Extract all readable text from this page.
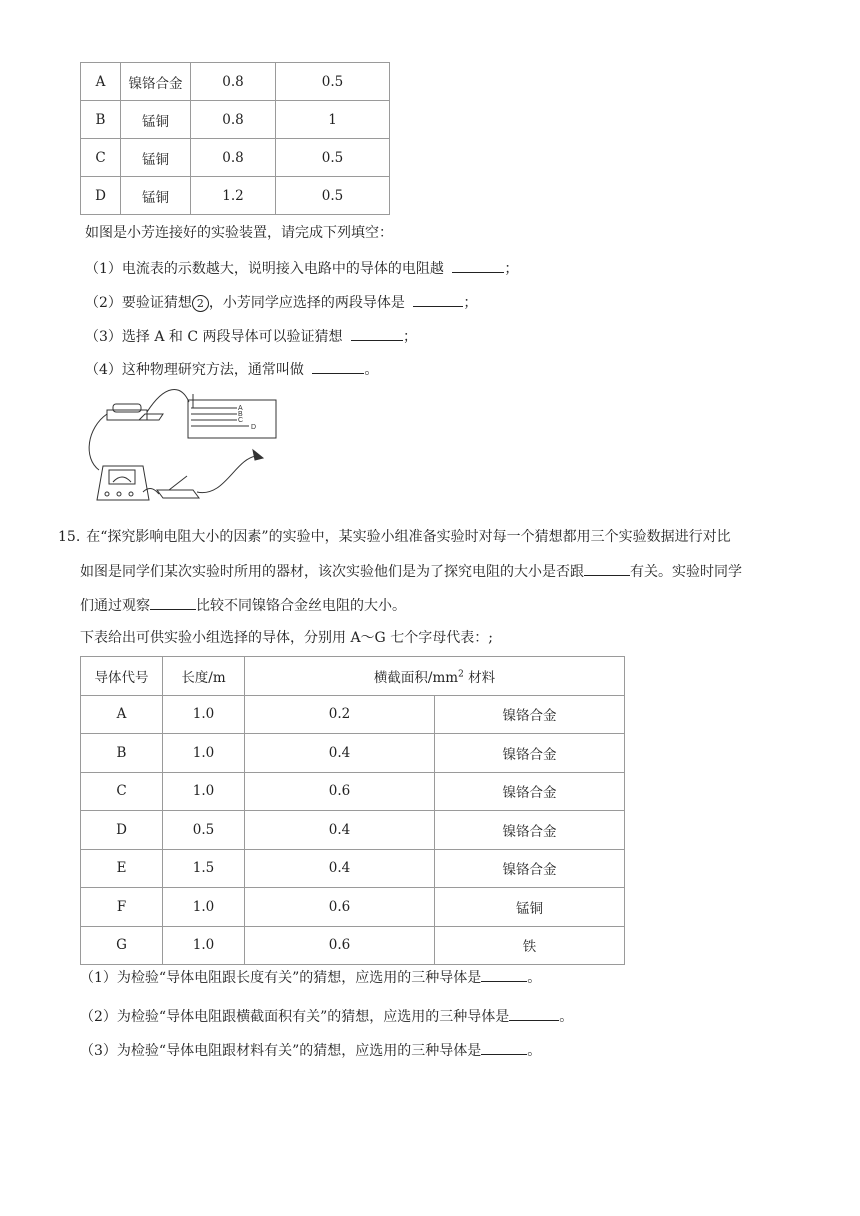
A	镍铬合金	0.8	0.5
B	锰铜	0.8	1
C	锰铜	0.8	0.5
D	锰铜	1.2	0.5
如图是小芳连接好的实验装置，请完成下列填空：
（1）电流表的示数越大，说明接入电路中的导体的电阻越	；
（2）要验证猜想 2 ，小芳同学应选择的两段导体是	；
（3）选择 A 和 C 两段导体可以验证猜想	；
（4）这种物理研究方法，通常叫做	。
A
B
C
D
15. 在“探究影响电阻大小的因素”的实验中，某实验小组准备实验时对每一个猜想都用三个实验数据进行对比
如图是同学们某次实验时所用的器材，该次实验他们是为了探究电阻的大小是否跟	有关。实验时同学
们通过观察	比较不同镍铬合金丝电阻的大小。
下表给出可供实验小组选择的导体，分别用 A～G 七个字母代表：;
导体代号	长度/m	横截面积$/mm^2$ 材料	
A	1.0	0.2	镍铬合金
B	1.0	0.4	镍铬合金
C	1.0	0.6	镍铬合金
D	0.5	0.4	镍铬合金
E	1.5	0.4	镍铬合金
F	1.0	0.6	锰铜
G	1.0	0.6	铁
（1）为检验“导体电阻跟长度有关”的猜想，应选用的三种导体是	。
（2）为检验“导体电阻跟横截面积有关”的猜想，应选用的三种导体是	。
（3）为检验“导体电阻跟材料有关”的猜想，应选用的三种导体是	。
